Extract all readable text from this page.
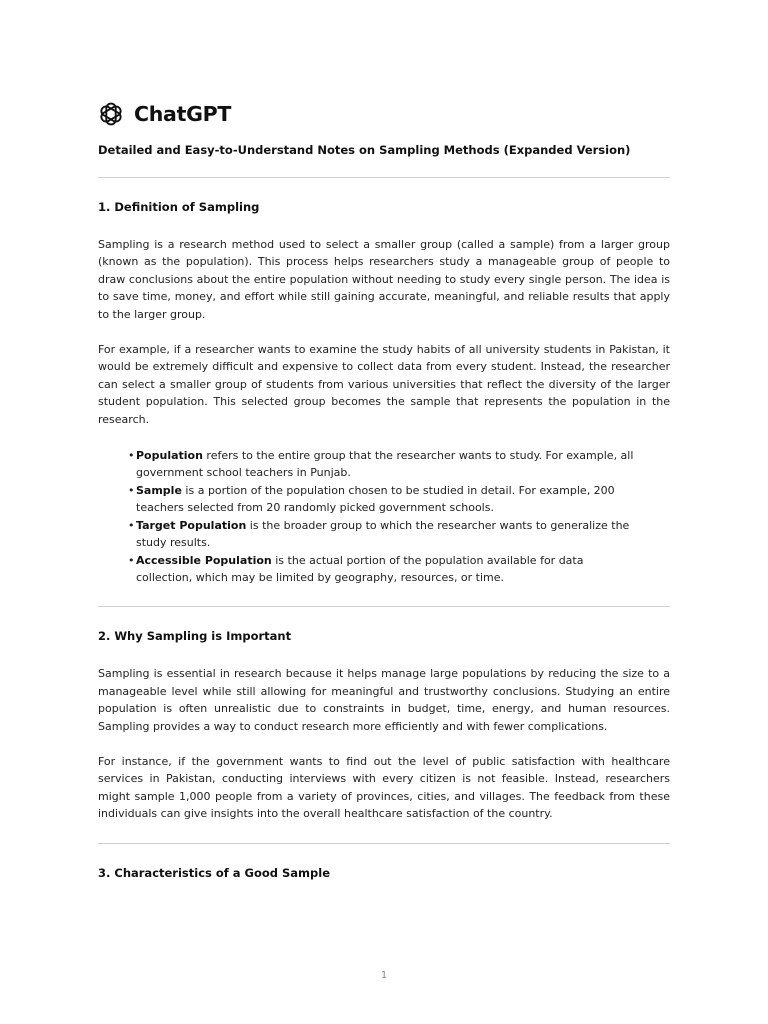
ChatGPT
Detailed and Easy-to-Understand Notes on Sampling Methods (Expanded Version)
1. Definition of Sampling

Sampling is a research method used to select a smaller group (called a sample) from a larger group (known as the population). This process helps researchers study a manageable group of people to draw conclusions about the entire population without needing to study every single person. The idea is to save time, money, and effort while still gaining accurate, meaningful, and reliable results that apply to the larger group.

For example, if a researcher wants to examine the study habits of all university students in Pakistan, it would be extremely difficult and expensive to collect data from every student. Instead, the researcher can select a smaller group of students from various universities that reflect the diversity of the larger student population. This selected group becomes the sample that represents the population in the research.

• Population refers to the entire group that the researcher wants to study. For example, all government school teachers in Punjab.
• Sample is a portion of the population chosen to be studied in detail. For example, 200 teachers selected from 20 randomly picked government schools.
• Target Population is the broader group to which the researcher wants to generalize the study results.
• Accessible Population is the actual portion of the population available for data collection, which may be limited by geography, resources, or time.
2. Why Sampling is Important

Sampling is essential in research because it helps manage large populations by reducing the size to a manageable level while still allowing for meaningful and trustworthy conclusions. Studying an entire population is often unrealistic due to constraints in budget, time, energy, and human resources. Sampling provides a way to conduct research more efficiently and with fewer complications.

For instance, if the government wants to find out the level of public satisfaction with healthcare services in Pakistan, conducting interviews with every citizen is not feasible. Instead, researchers might sample 1,000 people from a variety of provinces, cities, and villages. The feedback from these individuals can give insights into the overall healthcare satisfaction of the country.

3. Characteristics of a Good Sample
1
